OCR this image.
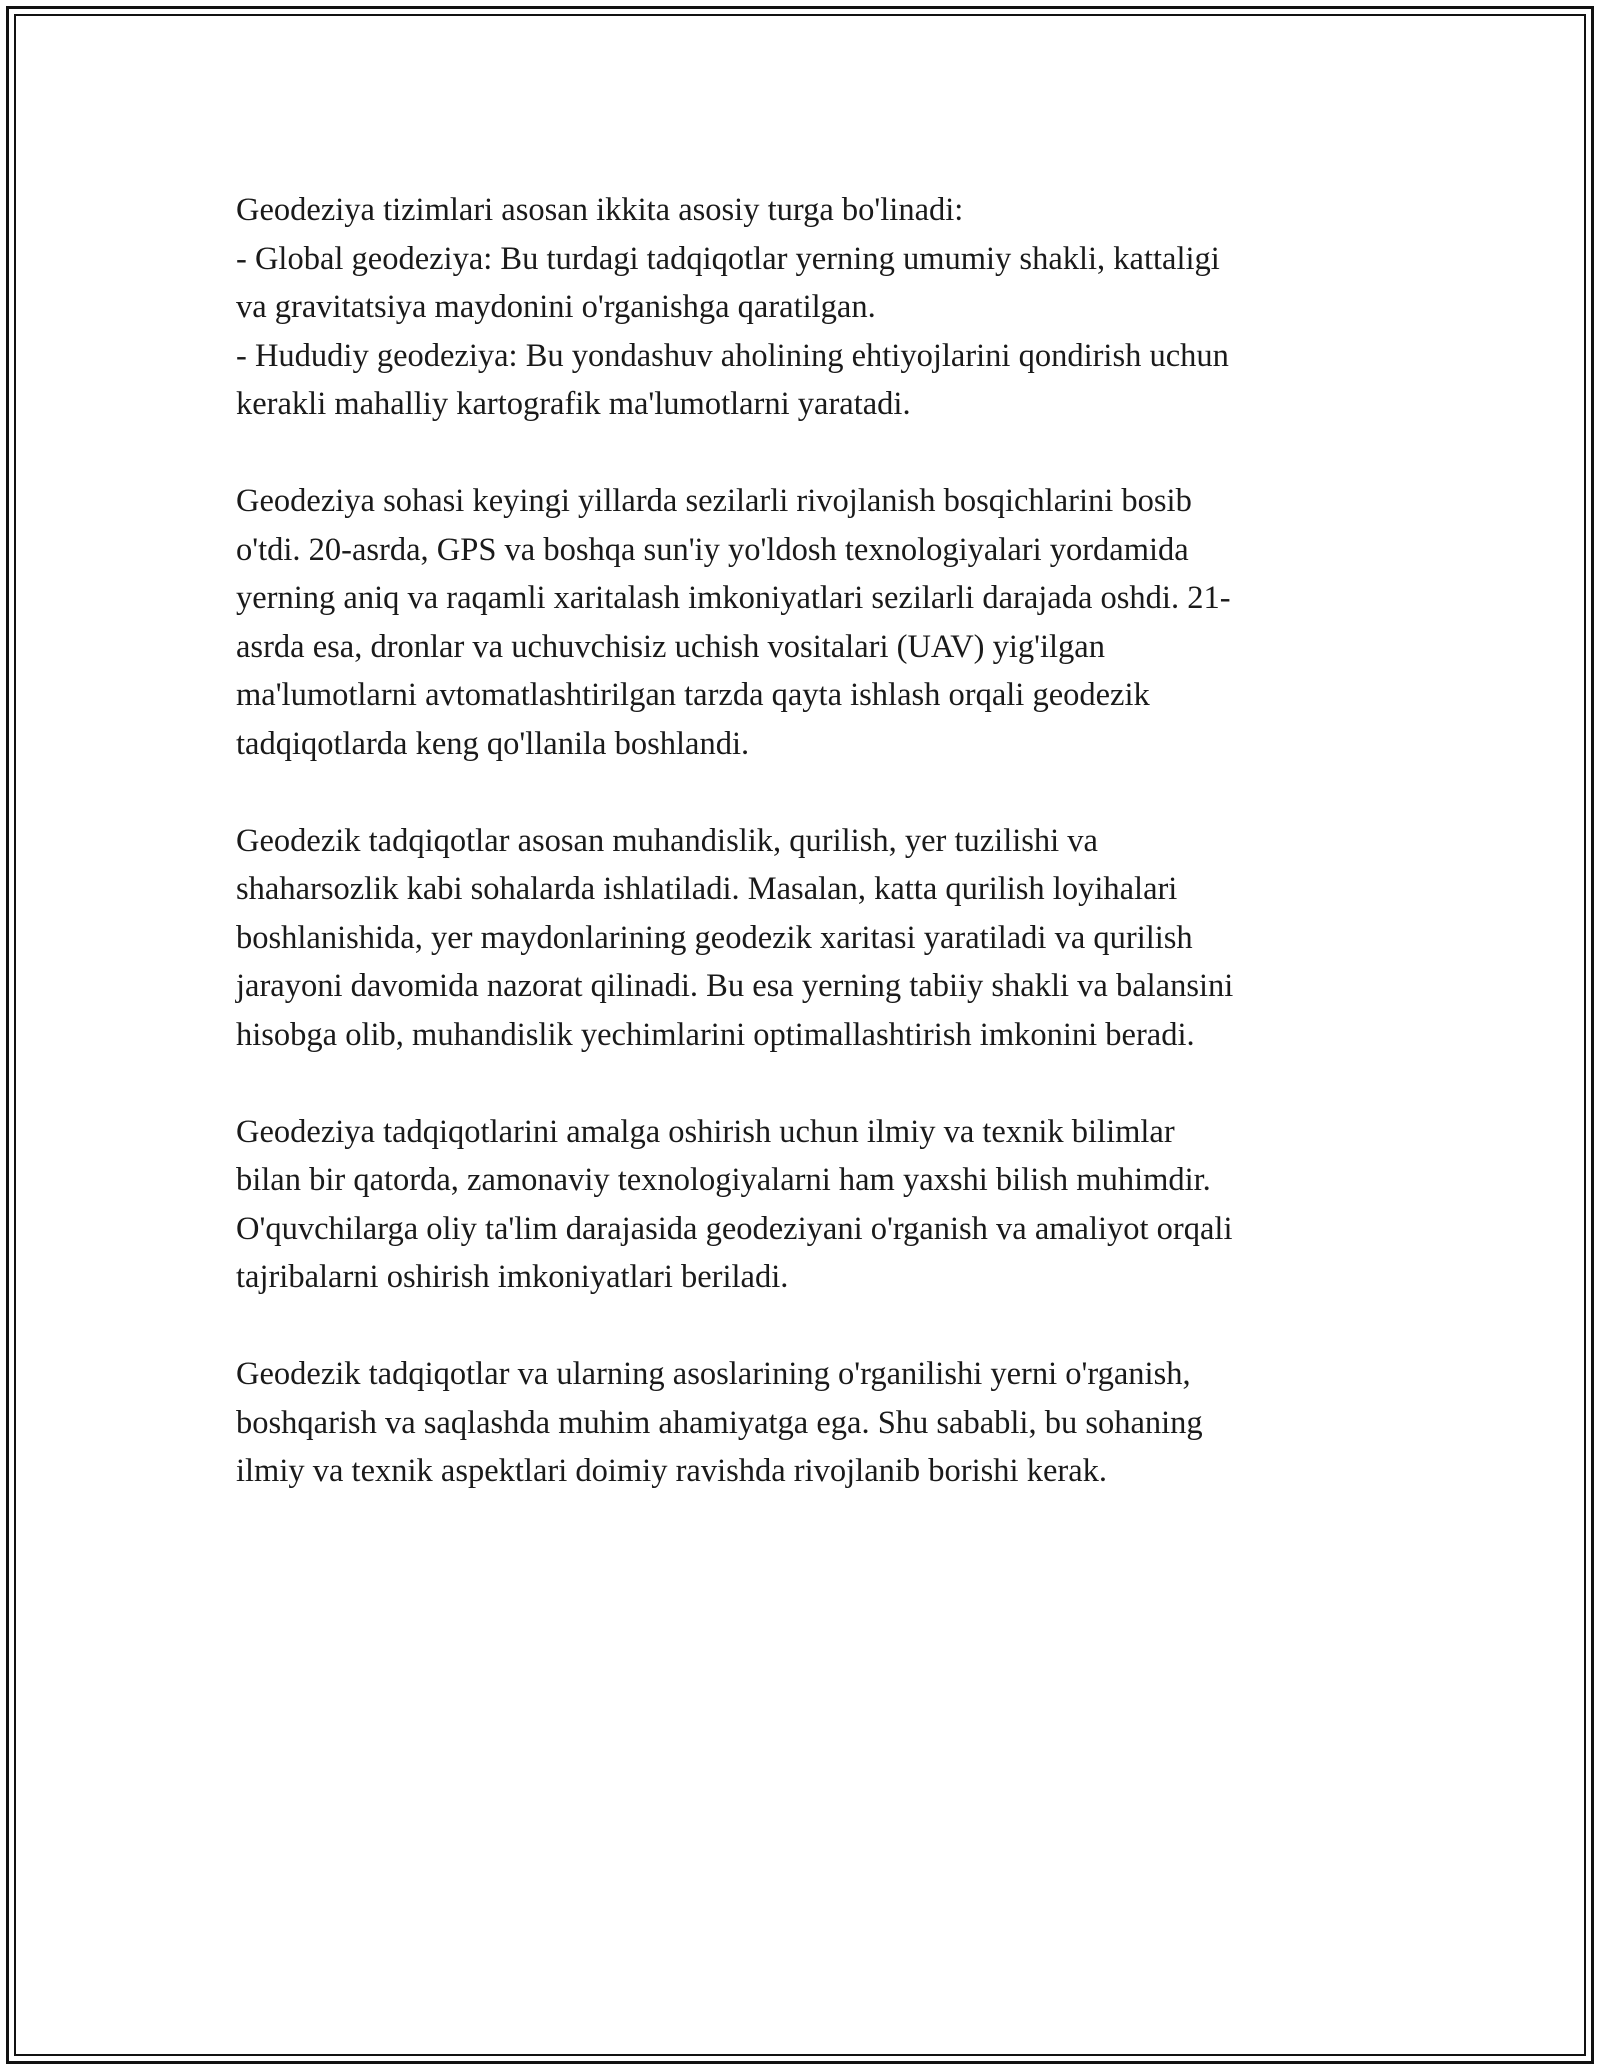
Geodeziya tizimlari asosan ikkita asosiy turga bo'linadi:
- Global geodeziya: Bu turdagi tadqiqotlar yerning umumiy shakli, kattaligi
va gravitatsiya maydonini o'rganishga qaratilgan.
- Hududiy geodeziya: Bu yondashuv aholining ehtiyojlarini qondirish uchun
kerakli mahalliy kartografik ma'lumotlarni yaratadi.

Geodeziya sohasi keyingi yillarda sezilarli rivojlanish bosqichlarini bosib
o'tdi. 20-asrda, GPS va boshqa sun'iy yo'ldosh texnologiyalari yordamida
yerning aniq va raqamli xaritalash imkoniyatlari sezilarli darajada oshdi. 21-
asrda esa, dronlar va uchuvchisiz uchish vositalari (UAV) yig'ilgan
ma'lumotlarni avtomatlashtirilgan tarzda qayta ishlash orqali geodezik
tadqiqotlarda keng qo'llanila boshlandi.

Geodezik tadqiqotlar asosan muhandislik, qurilish, yer tuzilishi va
shaharsozlik kabi sohalarda ishlatiladi. Masalan, katta qurilish loyihalari
boshlanishida, yer maydonlarining geodezik xaritasi yaratiladi va qurilish
jarayoni davomida nazorat qilinadi. Bu esa yerning tabiiy shakli va balansini
hisobga olib, muhandislik yechimlarini optimallashtirish imkonini beradi.

Geodeziya tadqiqotlarini amalga oshirish uchun ilmiy va texnik bilimlar
bilan bir qatorda, zamonaviy texnologiyalarni ham yaxshi bilish muhimdir.
O'quvchilarga oliy ta'lim darajasida geodeziyani o'rganish va amaliyot orqali
tajribalarni oshirish imkoniyatlari beriladi.

Geodezik tadqiqotlar va ularning asoslarining o'rganilishi yerni o'rganish,
boshqarish va saqlashda muhim ahamiyatga ega. Shu sababli, bu sohaning
ilmiy va texnik aspektlari doimiy ravishda rivojlanib borishi kerak.
